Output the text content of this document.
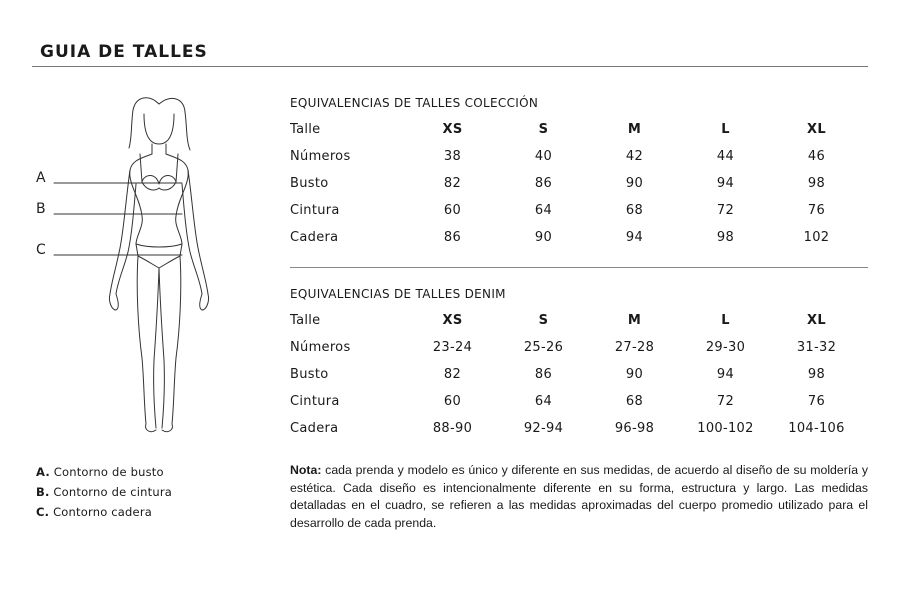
GUIA DE TALLES
A
B
C
A. Contorno de busto
B. Contorno de cintura
C. Contorno cadera
EQUIVALENCIAS DE TALLES COLECCIÓN
Talle	XS	S	M	L	XL
Números	38	40	42	44	46
Busto	82	86	90	94	98
Cintura	60	64	68	72	76
Cadera	86	90	94	98	102
EQUIVALENCIAS DE TALLES DENIM
Talle	XS	S	M	L	XL
Números	23-24	25-26	27-28	29-30	31-32
Busto	82	86	90	94	98
Cintura	60	64	68	72	76
Cadera	88-90	92-94	96-98	100-102	104-106

Nota: cada prenda y modelo es único y diferente en sus medidas, de acuerdo al diseño de su moldería y estética. Cada diseño es intencionalmente diferente en su forma, estructura y largo. Las medidas detalladas en el cuadro, se refieren a las medidas aproximadas del cuerpo promedio utilizado para el desarrollo de cada prenda.
